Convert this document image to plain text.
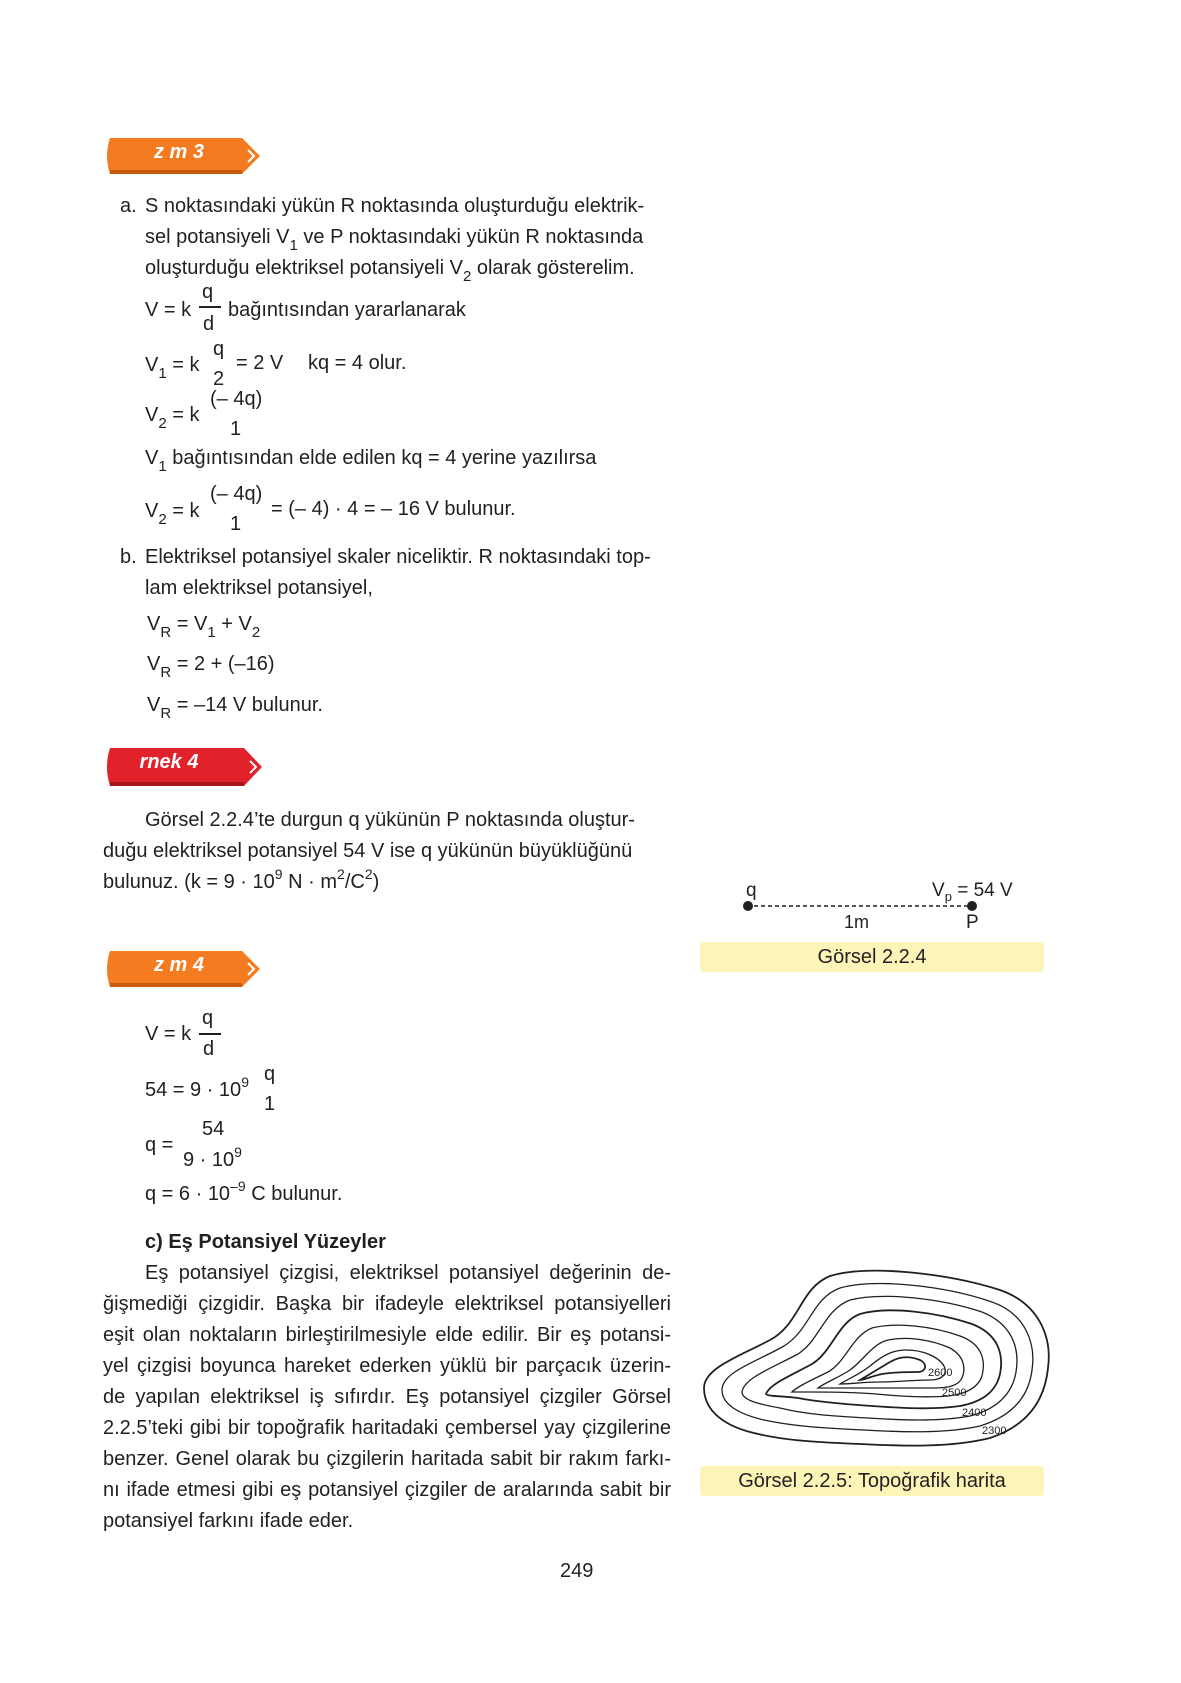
z m 3
a. S noktasındaki yükün R noktasında oluşturduğu elektrik-
sel potansiyeli $V_1$ ve P noktasındaki yükün R noktasında
oluşturduğu elektriksel potansiyeli $V_2$ olarak gösterelim.
V = k
q
d
bağıntısından yararlanarak
$V_1 = k$
q
2
= 2 V kq = 4 olur.
$V_2 = k$
(– 4q)
1
$V_1$ bağıntısından elde edilen kq = 4 yerine yazılırsa
$V_2 = k$
(– 4q)
1
= (– 4) · 4 = – 16 V bulunur.
b. Elektriksel potansiyel skaler niceliktir. R noktasındaki top-
lam elektriksel potansiyel,
$V_R = V_1 + V_2$
$V_R = 2 + (-16)$
$V_R = -14$ V bulunur.
rnek 4
Görsel 2.2.4’te durgun q yükünün P noktasında oluştur-
duğu elektriksel potansiyel 54 V ise q yükünün büyüklüğünü
bulunuz. ($k = 9 \cdot 10^9$ $N \cdot m^2/C^2$)	q	$V_p = 54$ V
1m	P
Görsel 2.2.4
z m 4
V = k
q
d
$54 = 9 \cdot 10^9$ q
1
q =
54
$9 \cdot 10^9$
$q = 6 \cdot 10^{-9}$ C bulunur.
c) Eş Potansiyel Yüzeyler
Eş potansiyel çizgisi, elektriksel potansiyel değerinin de-
ğişmediği çizgidir. Başka bir ifadeyle elektriksel potansiyelleri
eşit olan noktaların birleştirilmesiyle elde edilir. Bir eş potansi-
yel çizgisi boyunca hareket ederken yüklü bir parçacık üzerin-
de yapılan elektriksel iş sıfırdır. Eş potansiyel çizgiler Görsel
2.2.5’teki gibi bir topoğrafik haritadaki çembersel yay çizgilerine
benzer. Genel olarak bu çizgilerin haritada sabit bir rakım farkı-
nı ifade etmesi gibi eş potansiyel çizgiler de aralarında sabit bir
potansiyel farkını ifade eder.
2600
2500
2400
2300
Görsel 2.2.5: Topoğrafik harita
249
